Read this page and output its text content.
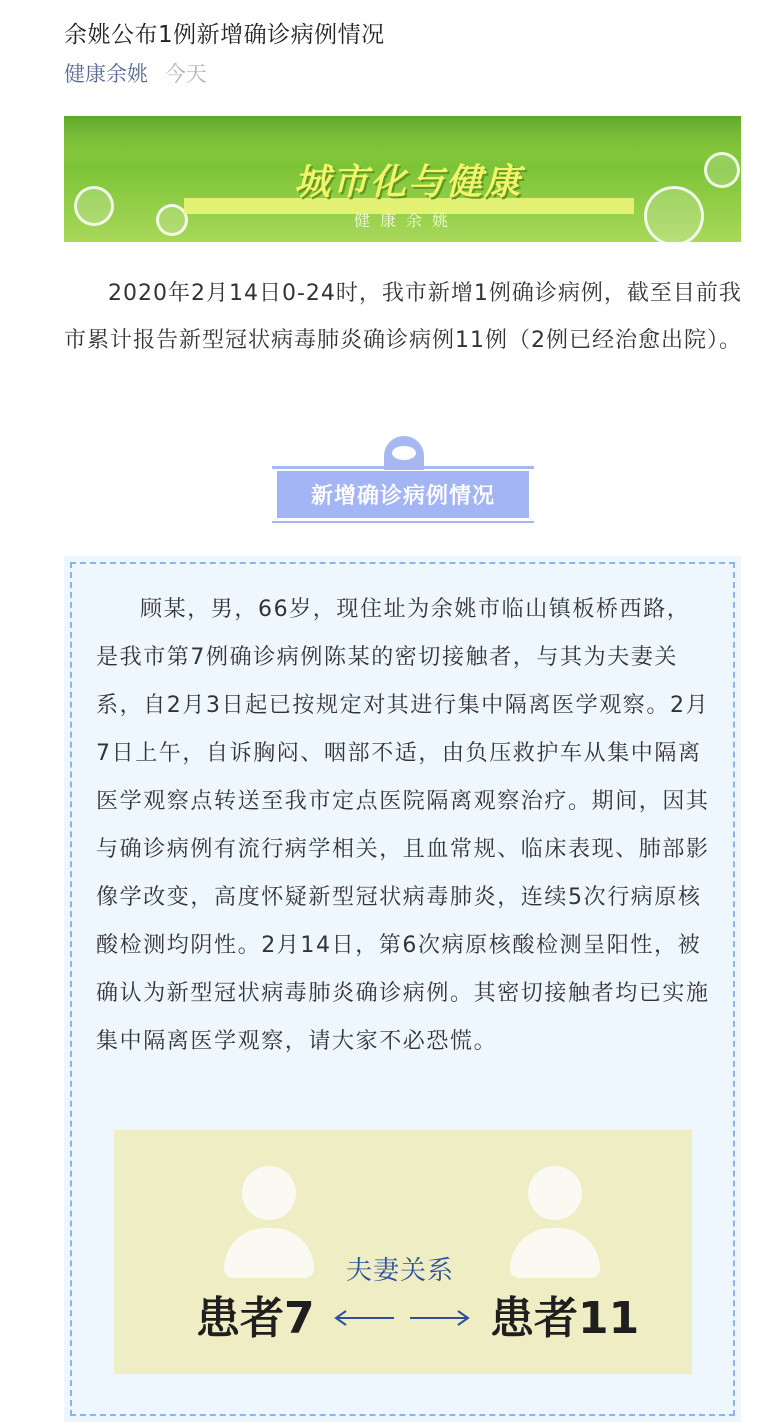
余姚公布1例新增确诊病例情况
健康余姚 今天
城市化与健康
健康余姚
2020年2月14日0-24时，我市新增1例确诊病例，截至目前我市累计报告新型冠状病毒肺炎确诊病例11例（2例已经治愈出院）。
新增确诊病例情况
顾某，男，66岁，现住址为余姚市临山镇板桥西路，是我市第7例确诊病例陈某的密切接触者，与其为夫妻关系，自2月3日起已按规定对其进行集中隔离医学观察。2月7日上午，自诉胸闷、咽部不适，由负压救护车从集中隔离医学观察点转送至我市定点医院隔离观察治疗。期间，因其与确诊病例有流行病学相关，且血常规、临床表现、肺部影像学改变，高度怀疑新型冠状病毒肺炎，连续5次行病原核酸检测均阴性。2月14日，第6次病原核酸检测呈阳性，被确认为新型冠状病毒肺炎确诊病例。其密切接触者均已实施集中隔离医学观察，请大家不必恐慌。
夫妻关系
患者7	患者11
